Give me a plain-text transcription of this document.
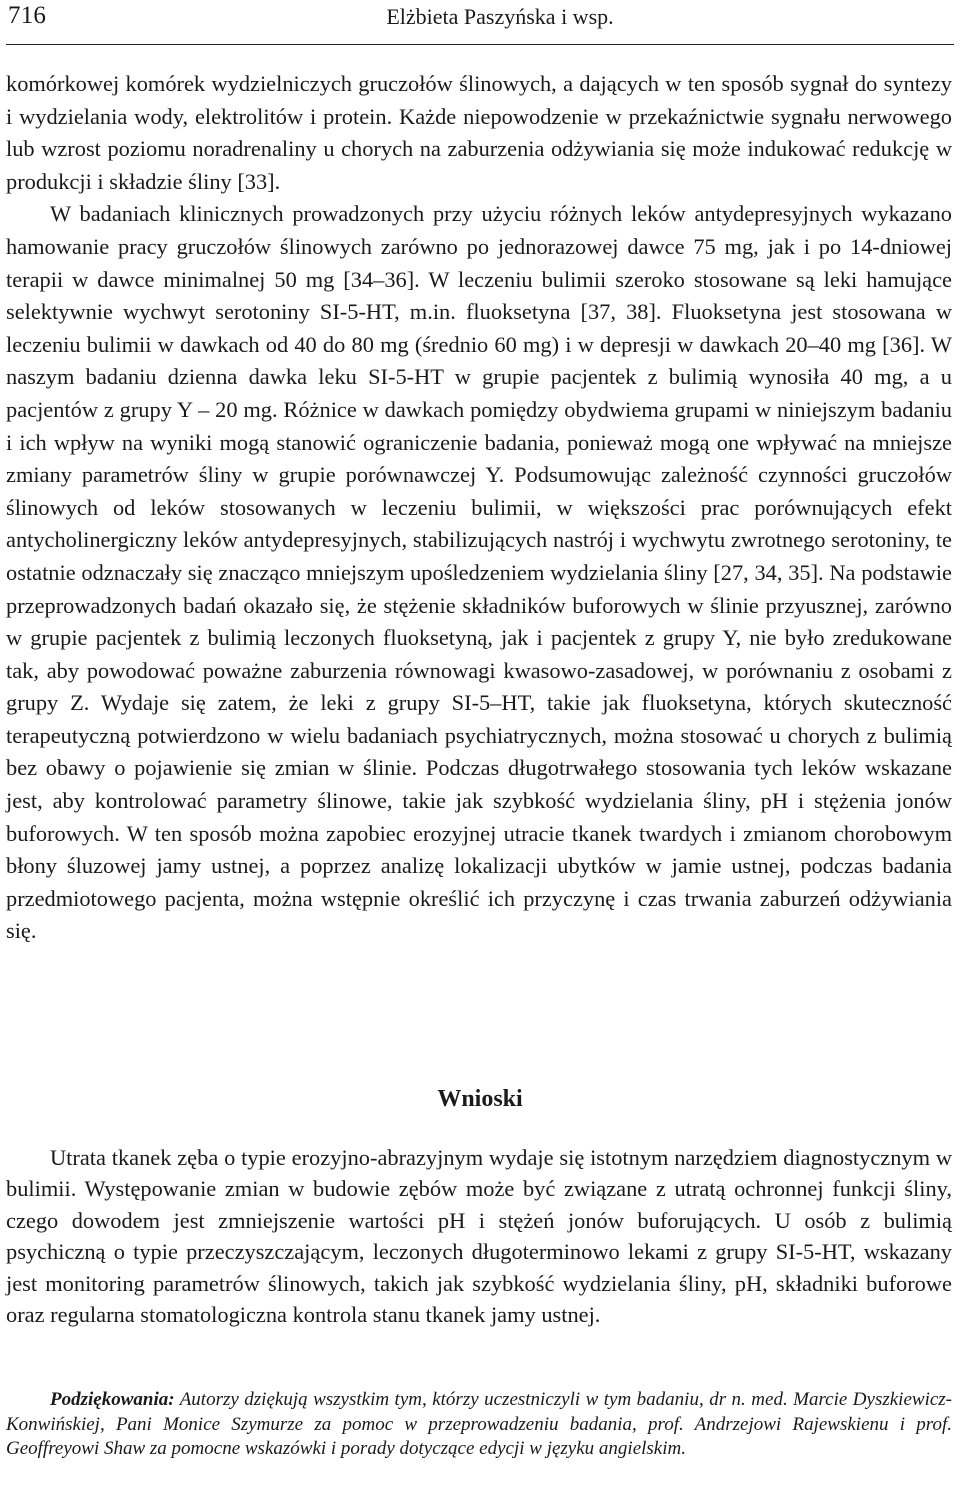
716	Elżbieta Paszyńska i wsp.

komórkowej komórek wydzielniczych gruczołów ślinowych, a dających w ten sposób sygnał do syntezy i wydzielania wody, elektrolitów i protein. Każde niepowodzenie w przekaźnictwie sygnału nerwowego lub wzrost poziomu noradrenaliny u chorych na zaburzenia odżywiania się może indukować redukcję w produkcji i składzie śliny [33].

W badaniach klinicznych prowadzonych przy użyciu różnych leków antydepresyjnych wykazano hamowanie pracy gruczołów ślinowych zarówno po jednorazowej dawce 75 mg, jak i po 14-dniowej terapii w dawce minimalnej 50 mg [34–36]. W leczeniu bulimii szeroko stosowane są leki hamujące selektywnie wychwyt serotoniny SI-5-HT, m.in. fluoksetyna [37, 38]. Fluoksetyna jest stosowana w leczeniu bulimii w dawkach od 40 do 80 mg (średnio 60 mg) i w depresji w dawkach 20–40 mg [36]. W naszym badaniu dzienna dawka leku SI-5-HT w grupie pacjentek z bulimią wynosiła 40 mg, a u pacjentów z grupy Y – 20 mg. Różnice w dawkach pomiędzy obydwiema grupami w niniejszym badaniu i ich wpływ na wyniki mogą stanowić ograniczenie badania, ponieważ mogą one wpływać na mniejsze zmiany parametrów śliny w grupie porównawczej Y. Podsumowując zależność czynności gruczołów ślinowych od leków stosowanych w leczeniu bulimii, w większości prac porównujących efekt antycholinergiczny leków antydepresyjnych, stabilizujących nastrój i wychwytu zwrotnego serotoniny, te ostatnie odznaczały się znacząco mniejszym upośledzeniem wydzielania śliny [27, 34, 35]. Na podstawie przeprowadzonych badań okazało się, że stężenie składników buforowych w ślinie przyusznej, zarówno w grupie pacjentek z bulimią leczonych fluoksetyną, jak i pacjentek z grupy Y, nie było zredukowane tak, aby powodować poważne zaburzenia równowagi kwasowo-zasadowej, w porównaniu z osobami z grupy Z. Wydaje się zatem, że leki z grupy SI-5–HT, takie jak fluoksetyna, których skuteczność terapeutyczną potwierdzono w wielu badaniach psychiatrycznych, można stosować u chorych z bulimią bez obawy o pojawienie się zmian w ślinie. Podczas długotrwałego stosowania tych leków wskazane jest, aby kontrolować parametry ślinowe, takie jak szybkość wydzielania śliny, pH i stężenia jonów buforowych. W ten sposób można zapobiec erozyjnej utracie tkanek twardych i zmianom chorobowym błony śluzowej jamy ustnej, a poprzez analizę lokalizacji ubytków w jamie ustnej, podczas badania przedmiotowego pacjenta, można wstępnie określić ich przyczynę i czas trwania zaburzeń odżywiania się.

Wnioski

Utrata tkanek zęba o typie erozyjno-abrazyjnym wydaje się istotnym narzędziem diagnostycznym w bulimii. Występowanie zmian w budowie zębów może być związane z utratą ochronnej funkcji śliny, czego dowodem jest zmniejszenie wartości pH i stężeń jonów buforujących. U osób z bulimią psychiczną o typie przeczyszczającym, leczonych długoterminowo lekami z grupy SI-5-HT, wskazany jest monitoring parametrów ślinowych, takich jak szybkość wydzielania śliny, pH, składniki buforowe oraz regularna stomatologiczna kontrola stanu tkanek jamy ustnej.

Podziękowania: Autorzy dziękują wszystkim tym, którzy uczestniczyli w tym badaniu, dr n. med. Marcie Dyszkiewicz-Konwińskiej, Pani Monice Szymurze za pomoc w przeprowadzeniu badania, prof. Andrzejowi Rajewskienu i prof. Geoffreyowi Shaw za pomocne wskazówki i porady dotyczące edycji w języku angielskim.
